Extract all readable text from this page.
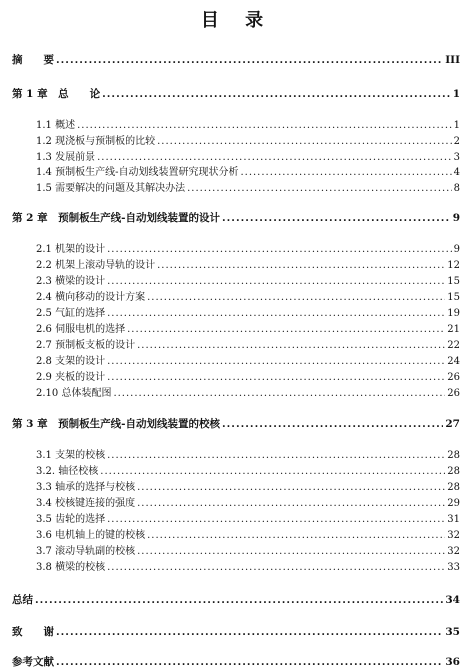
目 录
摘　　要 .....	III
第 1 章　总　　论 .....	1
1.1 概述 .....	1
1.2 现浇板与预制板的比较 .....	2
1.3 发展前景 .....	3
1.4 预制板生产线-自动划线装置研究现状分析 .....	4
1.5 需要解决的问题及其解决办法 .....	8
第 2 章　预制板生产线-自动划线装置的设计 .....	9
2.1 机架的设计 .....	9
2.2 机架上滚动导轨的设计 .....	12
2.3 横梁的设计 .....	15
2.4 横向移动的设计方案 .....	15
2.5 气缸的选择 .....	19
2.6 伺服电机的选择 .....	21
2.7 预制板支板的设计 .....	22
2.8 支架的设计 .....	24
2.9 夹板的设计 .....	26
2.10 总体装配图 .....	26
第 3 章　预制板生产线-自动划线装置的校核 .....	27
3.1 支架的校核 .....	28
3.2. 轴径校核 .....	28
3.3 轴承的选择与校核 .....	28
3.4 校核键连接的强度 .....	29
3.5 齿轮的选择 .....	31
3.6 电机轴上的键的校核 .....	32
3.7 滚动导轨副的校核 .....	32
3.8 横梁的校核 .....	33
总结 .....	34
致　　谢 .....	35
参考文献 .....	36
